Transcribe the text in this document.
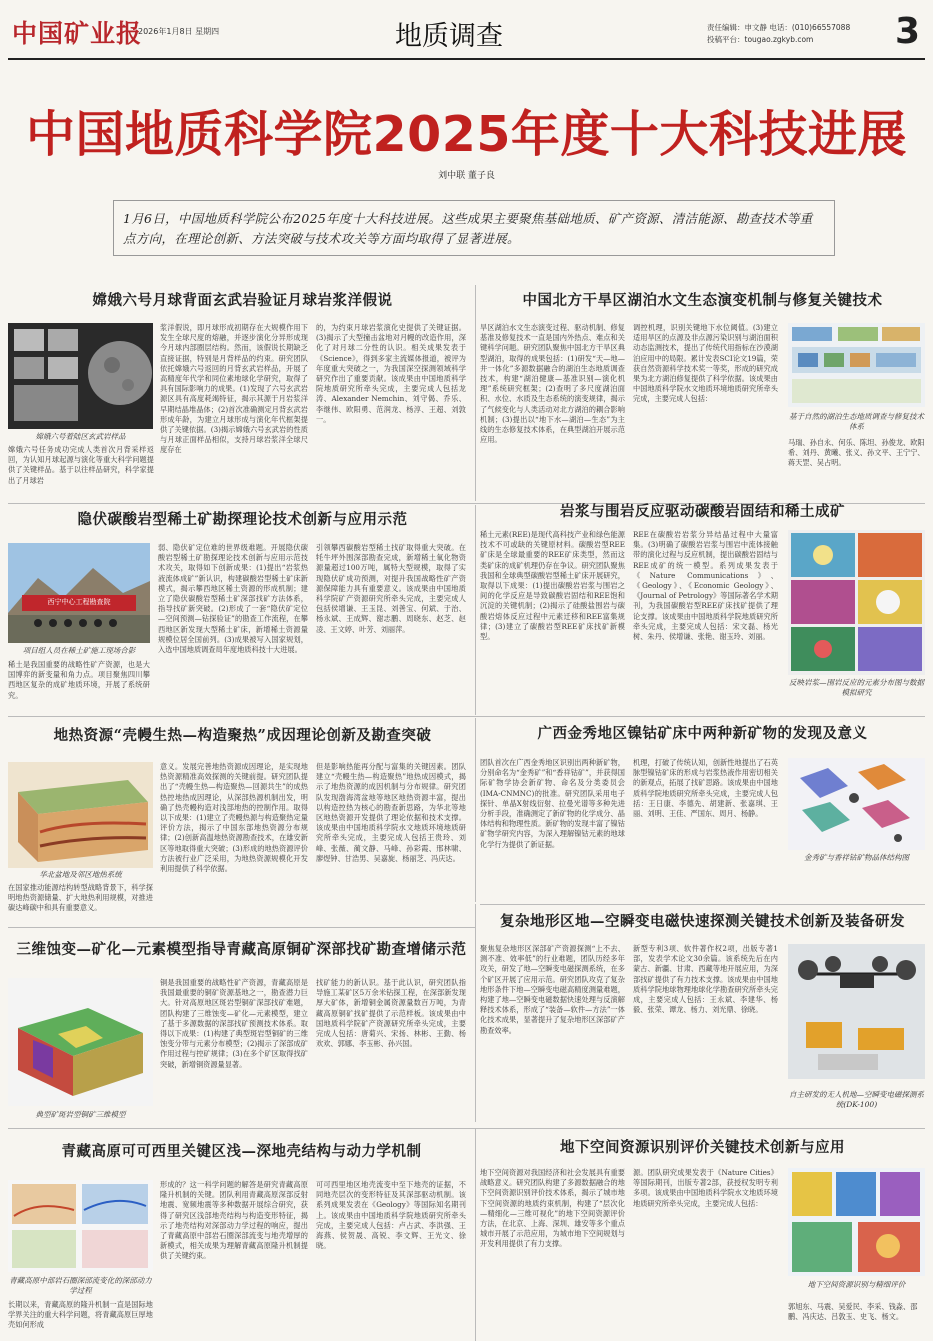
中国矿业报
2026年1月8日 星期四	地质调查	责任编辑：申文静 电话：(010)66557088
投稿平台：tougao.zgkyb.com	3
中国地质科学院2025年度十大科技进展
刘中联 董子良
1月6日，中国地质科学院公布2025年度十大科技进展。这些成果主要聚焦基础地质、矿产资源、清洁能源、勘查技术等重点方向，在理论创新、方法突破与技术攻关等方面均取得了显著进展。
嫦娥六号月球背面玄武岩验证月球岩浆洋假说
嫦娥六号着陆区玄武岩样品
嫦娥六号任务成功完成人类首次月背采样返回，为认知月球起源与演化等重大科学问题提供了关键样品。基于以往样品研究，科学家提出了月球岩
浆洋假说，即月球形成初期存在大规模作用下发生全球尺度的熔融，并逐步演化分异形成现今月球内部圈层结构。然而，该假说长期缺乏直接证据，特别是月背样品的约束。研究团队依托嫦娥六号返回的月背玄武岩样品，开展了高精度年代学和同位素地球化学研究，取得了具有国际影响力的成果。(1)发现了六号玄武岩源区具有高度耗竭特征，揭示其源于月岩浆洋早期结晶堆晶体；(2)首次准确测定月背玄武岩形成年龄，为建立月球形成与演化年代框架提供了关键依据。(3)揭示嫦娥六号玄武岩的性质与月球正面样品相似，支持月球岩浆洋全球尺度存在
的，为约束月球岩浆演化史提供了关键证据。(3)揭示了大型撞击盆地对月幔的改造作用，深化了对月球二分性的认识。相关成果发表于《Science》，得到多家主流媒体报道，被评为年度重大突破之一，为我国深空探测领域科学研究作出了重要贡献。该成果由中国地质科学院地质研究所牵头完成，主要完成人包括龙涛、Alexander Nemchin、刘守偈、乔乐、李继伟、欧阳勇、范润龙、杨淳、王超、刘敦一。
中国北方干旱区湖泊水文生态演变机制与修复关键技术
旱区湖泊水文生态演变过程、驱动机制、修复基准及修复技术一直是国内外热点、难点和关键科学问题。研究团队聚焦中国北方干旱区典型湖泊，取得的成果包括：(1)研发“天—地—井一体化”多源数据融合的湖泊生态地质调查技术，构建“湖泊健康—基准识别—演化机理”系统研究框架；(2)查明了多尺度湖泊面积、水位、水质及生态系统的演变规律，揭示了气候变化与人类活动对北方湖泊的耦合影响机制；(3)提出以“地下水—湖泊—生态”为主线的生态修复技术体系，在典型湖泊开展示范应用。
调控机理，识别关键地下水位阈值。(3)建立适用旱区的点源及非点源污染识别与湖泊面积动态监测技术，提出了传统代用指标在沙漠湖泊应用中的局限。累计发表SCI论文19篇，荣获自然资源科学技术奖一等奖，形成的研究成果为北方湖泊修复提供了科学依据。该成果由中国地质科学院水文地质环境地质研究所牵头完成，主要完成人包括：
基于自然的湖泊生态地质调查与修复技术体系
马瑞、孙自永、何乐、陈坦、孙俊龙、欧阳希、刘丹、黄曦、张义、孙文平、王宁宁、蒋天罡、吴占明。
隐伏碳酸岩型稀土矿勘探理论技术创新与应用示范
西宁中心工程勘查院
项目组人员在稀土矿施工现场合影
稀土是我国重要的战略性矿产资源，也是大国博弈的新变量和角力点。项目聚焦四川攀西地区复杂的成矿地质环境，开展了系统研究。
弱、隐伏矿定位难的世界级难题。开展隐伏碳酸岩型稀土矿勘探理论技术创新与应用示范技术攻关，取得如下创新成果：(1)提出“岩浆热液流体成矿”新认识，构建碳酸岩型稀土矿床新模式，揭示攀西地区稀土资源的形成机制；建立了隐伏碳酸岩型稀土矿深部找矿方法体系，指导找矿新突破。(2)形成了一套“隐伏矿定位—空间预测—钻探验证”的勘查工作流程，在攀西地区新发现大型稀土矿床，新增稀土资源量规模位居全国前列。(3)成果被写入国家规划，入选中国地质调查局年度地质科技十大进展。
引领攀西碳酸岩型稀土找矿取得重大突破。在牦牛坪外围深部勘查完成，新增稀土氧化物资源量超过100万吨，属特大型规模，取得了实现隐伏矿成功预测，对提升我国战略性矿产资源保障能力具有重要意义。该成果由中国地质科学院矿产资源研究所牵头完成，主要完成人包括侯增谦、王玉昆、刘善宝、何斌、于治、杨永斌、王成辉、谢志鹏、周晓东、赵芝、赵凌、王文婷、叶芳、刘丽萍。
岩浆与围岩反应驱动碳酸岩固结和稀土成矿
稀土元素(REE)是现代高科技产业和绿色能源技术不可或缺的关键原材料。碳酸岩型REE矿床是全球最重要的REE矿床类型，然而这类矿床的成矿机理仍存在争议。研究团队聚焦我国和全球典型碳酸岩型稀土矿床开展研究，取得以下成果：(1)提出碳酸岩岩浆与围岩之间的化学反应是导致碳酸岩固结和REE饱和沉淀的关键机制；(2)揭示了硅酸盐围岩与碳酸岩熔体反应过程中元素迁移和REE富集规律；(3)建立了碳酸岩型REE矿床找矿新模型。
REE在碳酸岩岩浆分异结晶过程中大量富集。(3)明确了碳酸岩岩浆与围岩中流体接触带的演化过程与反应机制，提出碳酸岩固结与REE成矿的统一模型。系列成果发表于《Nature Communications》、《Geology》、《Economic Geology》、《Journal of Petrology》等国际著名学术期刊，为我国碳酸岩型REE矿床找矿提供了理论支撑。该成果由中国地质科学院地质研究所牵头完成，主要完成人包括：宋文磊、杨光树、朱丹、侯增谦、张艳、谢玉玲、刘丽。
反映岩浆—围岩反应的元素分布图与数据模拟研究
地热资源“壳幔生热—构造聚热”成因理论创新及勘查突破
华北盆地及邻区地热系统
在国家推动能源结构转型战略背景下，科学探明地热资源储量、扩大地热利用规模，对推进碳达峰碳中和具有重要意义。
意义。发展完善地热资源成因理论，是实现地热资源精准高效探测的关键前提。研究团队提出了“壳幔生热—构造聚热—回源共生”的成热热控地热成因理论，从深部热源机制出发，明确了热壳幔构造对浅部地热的控制作用。取得以下成果：(1)建立了壳幔热源与构造聚热定量评价方法，揭示了中国东部地热资源分布规律；(2)创新高温地热资源勘查技术，在雄安新区等地取得重大突破；(3)形成的地热资源评价方法被行业广泛采用，为地热资源规模化开发利用提供了科学依据。
但是影响热能再分配与富集的关键因素。团队建立“壳幔生热—构造聚热”地热成因模式，揭示了地热资源的成因机制与分布规律。研究团队发现渤海湾盆地等地区地热资源丰富，提出以构造控热为核心的勘查新思路，为华北等地区地热资源开发提供了理论依据和技术支撑。该成果由中国地质科学院水文地质环境地质研究所牵头完成，主要完成人包括王贵玲、刘峰、张薇、蔺文静、马峰、孙彩霞、邢林啸、廖煜钟、甘浩男、吴嘉旋、杨丽芝、冯庆达。
广西金秀地区镍钴矿床中两种新矿物的发现及意义
团队首次在广西金秀地区识别出两种新矿物，分别命名为“金秀矿”和“香祥钴矿”，并获得国际矿物学协会新矿物、命名及分类委员会(IMA-CNMNC)的批准。研究团队采用电子探针、单晶X射线衍射、拉曼光谱等多种先进分析手段，准确测定了新矿物的化学成分、晶体结构和物理性质。新矿物的发现丰富了镍钴矿物学研究内容，为深入理解镍钴元素的地球化学行为提供了新证据。
机理，打破了传统认知，创新性地提出了石英脉型镍钴矿床的形成与岩浆热液作用密切相关的新观点，拓展了找矿思路。该成果由中国地质科学院地质研究所牵头完成，主要完成人包括：王日康、李德先、胡建新、张嘉琪、王丽、刘明、王佳、严国东、周月、杨静。
金秀矿与香祥钴矿物晶体结构图
复杂地形区地—空瞬变电磁快速探测关键技术创新及装备研发
聚焦复杂地形区深部矿产资源探测“上不去、测不准、效率低”的行业难题，团队历经多年攻关，研发了地—空瞬变电磁探测系统，在多个矿区开展了应用示范。研究团队攻克了复杂地形条件下地—空瞬变电磁高精度测量难题，构建了地—空瞬变电磁数据快速处理与反演解释技术体系，形成了“装备—软件—方法”一体化技术成果，显著提升了复杂地形区深部矿产勘查效率。
新型专利3项、软件著作权2项，出版专著1部，发表学术论文30余篇。该系统先后在内蒙古、新疆、甘肃、西藏等地开展应用，为深部找矿提供了有力技术支撑。该成果由中国地质科学院地球物理地球化学勘查研究所牵头完成，主要完成人包括：王永斌、李建华、杨毅、张荣、谭龙、杨力、刘光鼎、徐晓。
自主研发的无人机地—空瞬变电磁探测系统(DK-100)
三维蚀变—矿化—元素模型指导青藏高原铜矿深部找矿勘查增储示范
典型矿斑岩型铜矿三维模型
铜是我国重要的战略性矿产资源，青藏高原是我国最重要的铜矿资源基地之一，勘查潜力巨大。针对高原地区斑岩型铜矿深部找矿难题，团队构建了三维蚀变—矿化—元素模型，建立了基于多源数据的深部找矿预测技术体系。取得以下成果：(1)构建了典型斑岩型铜矿的三维蚀变分带与元素分布模型；(2)揭示了深部成矿作用过程与控矿规律；(3)在多个矿区取得找矿突破，新增铜资源量显著。
找矿能力的新认识。基于此认识，研究团队指导施工某矿区5万余米钻探工程，在深部新发现厚大矿体，新增铜金属资源量数百万吨，为青藏高原铜矿找矿提供了示范样板。该成果由中国地质科学院矿产资源研究所牵头完成，主要完成人包括：唐菊兴、宋扬、林彬、王勤、杨欢欢、郭娜、李玉彬、孙兴国。
青藏高原可可西里关键区浅—深地壳结构与动力学机制
青藏高原中部岩石圈深部流变化的深部动力学过程
长期以来，青藏高原的隆升机制一直是国际地学界关注的重大科学问题，将青藏高原巨厚地壳如何形成
形成的？这一科学问题的解答是研究青藏高原隆升机制的关键。团队利用青藏高原深部反射地震、宽频地震等多种数据开展综合研究，获得了研究区浅部地壳结构与构造变形特征，揭示了地壳结构对深部动力学过程的响应，提出了青藏高原中部岩石圈深部流变与地壳增厚的新模式，相关成果为理解青藏高原隆升机制提供了关键约束。
可可西里地区地壳流变中至下地壳的证据，不同地壳层次的变形特征及其深部驱动机制。该系列成果发表在《Geology》等国际知名期刊上。该成果由中国地质科学院地质研究所牵头完成，主要完成人包括：卢占武、李洪强、王海燕、侯贺晟、高锐、李文辉、王光文、徐晓。
地下空间资源识别评价关键技术创新与应用
地下空间资源对我国经济和社会发展具有重要战略意义。研究团队构建了多源数据融合的地下空间资源识别评价技术体系，揭示了城市地下空间资源的地质约束机制，构建了“层次化—精细化—三维可视化”的地下空间资源评价方法，在北京、上海、深圳、雄安等多个重点城市开展了示范应用，为城市地下空间规划与开发利用提供了有力支撑。
源。团队研究成果发表于《Nature Cities》等国际期刊，出版专著2部，获授权发明专利多项。该成果由中国地质科学院水文地质环境地质研究所牵头完成，主要完成人包括：
地下空间资源识别与精细评价
郭旭东、马震、吴爱民、李采、钱淼、邵鹏、冯庆达、吕敦玉、史飞、杨文。
